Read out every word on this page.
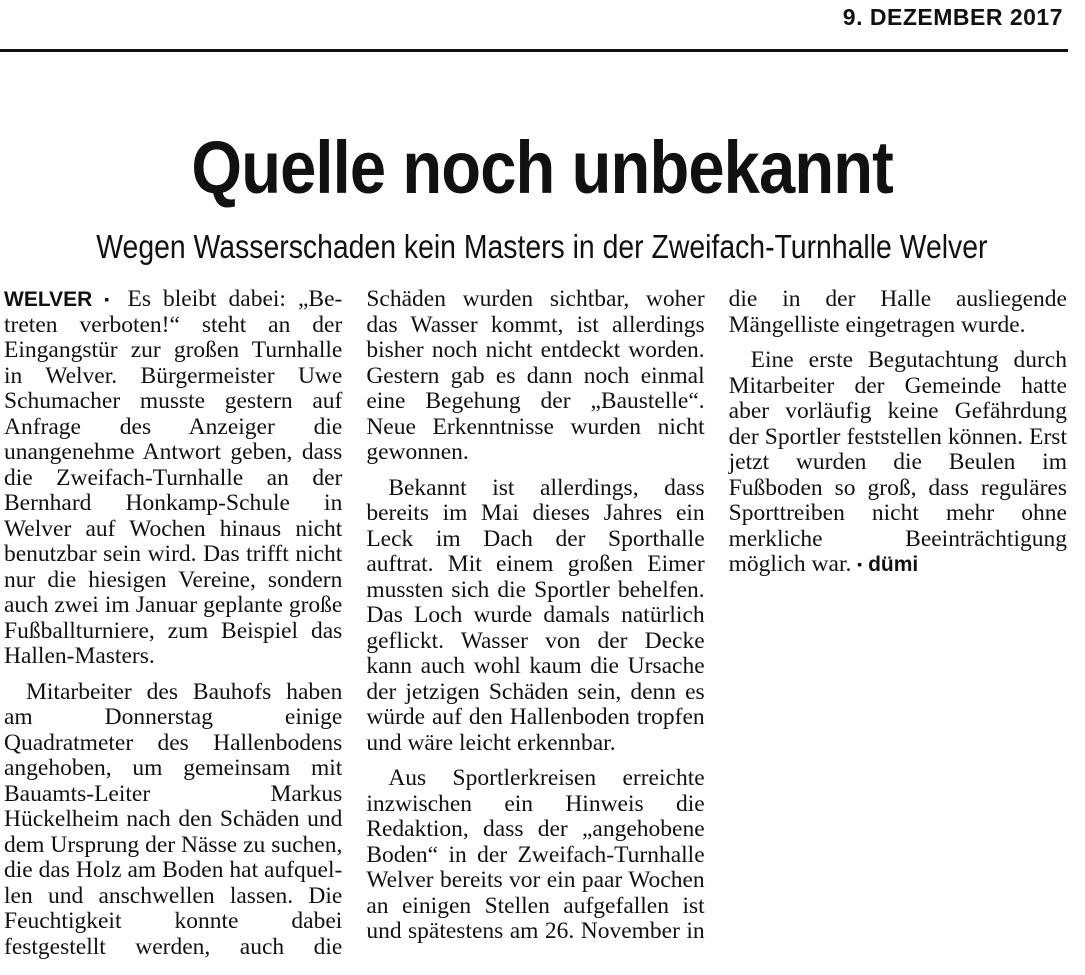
9. DEZEMBER 2017
Quelle noch unbekannt
Wegen Wasserschaden kein Masters in der Zweifach-Turnhalle Welver

WELVER ▪ Es bleibt dabei: „Betreten verboten!“ steht an der Eingangstür zur großen Turnhalle in Welver. Bürgermeister Uwe Schumacher musste gestern auf Anfrage des Anzeiger die unangenehme Antwort geben, dass die Zweifach-Turnhalle an der Bernhard Honkamp-Schule in Welver auf Wochen hinaus nicht benutzbar sein wird. Das trifft nicht nur die hiesigen Vereine, sondern auch zwei im Januar geplante große Fußballturniere, zum Beispiel das Hallen-Masters.

Mitarbeiter des Bauhofs haben am Donnerstag einige Quadratmeter des Hallenbodens angehoben, um gemeinsam mit Bauamts-Leiter Markus Hückelheim nach den Schäden und dem Ursprung der Nässe zu suchen, die das Holz am Boden hat aufquellen und anschwellen lassen. Die Feuchtigkeit konnte dabei festgestellt werden, auch die Schäden wurden sichtbar, woher das Wasser kommt, ist allerdings bisher noch nicht entdeckt worden. Gestern gab es dann noch einmal eine Begehung der „Baustelle“. Neue Erkenntnisse wurden nicht gewonnen.

Bekannt ist allerdings, dass bereits im Mai dieses Jahres ein Leck im Dach der Sporthalle auftrat. Mit einem großen Eimer mussten sich die Sportler behelfen. Das Loch wurde damals natürlich geflickt. Wasser von der Decke kann auch wohl kaum die Ursache der jetzigen Schäden sein, denn es würde auf den Hallenboden tropfen und wäre leicht erkennbar.

Aus Sportlerkreisen erreichte inzwischen ein Hinweis die Redaktion, dass der „angehobene Boden“ in der Zweifach-Turnhalle Welver bereits vor ein paar Wochen an einigen Stellen aufgefallen ist und spätestens am 26. November in die in der Halle ausliegende Mängelliste eingetragen wurde.

Eine erste Begutachtung durch Mitarbeiter der Gemeinde hatte aber vorläufig keine Gefährdung der Sportler feststellen können. Erst jetzt wurden die Beulen im Fußboden so groß, dass reguläres Sporttreiben nicht mehr ohne merkliche Beeinträchtigung möglich war. ▪ dümi
